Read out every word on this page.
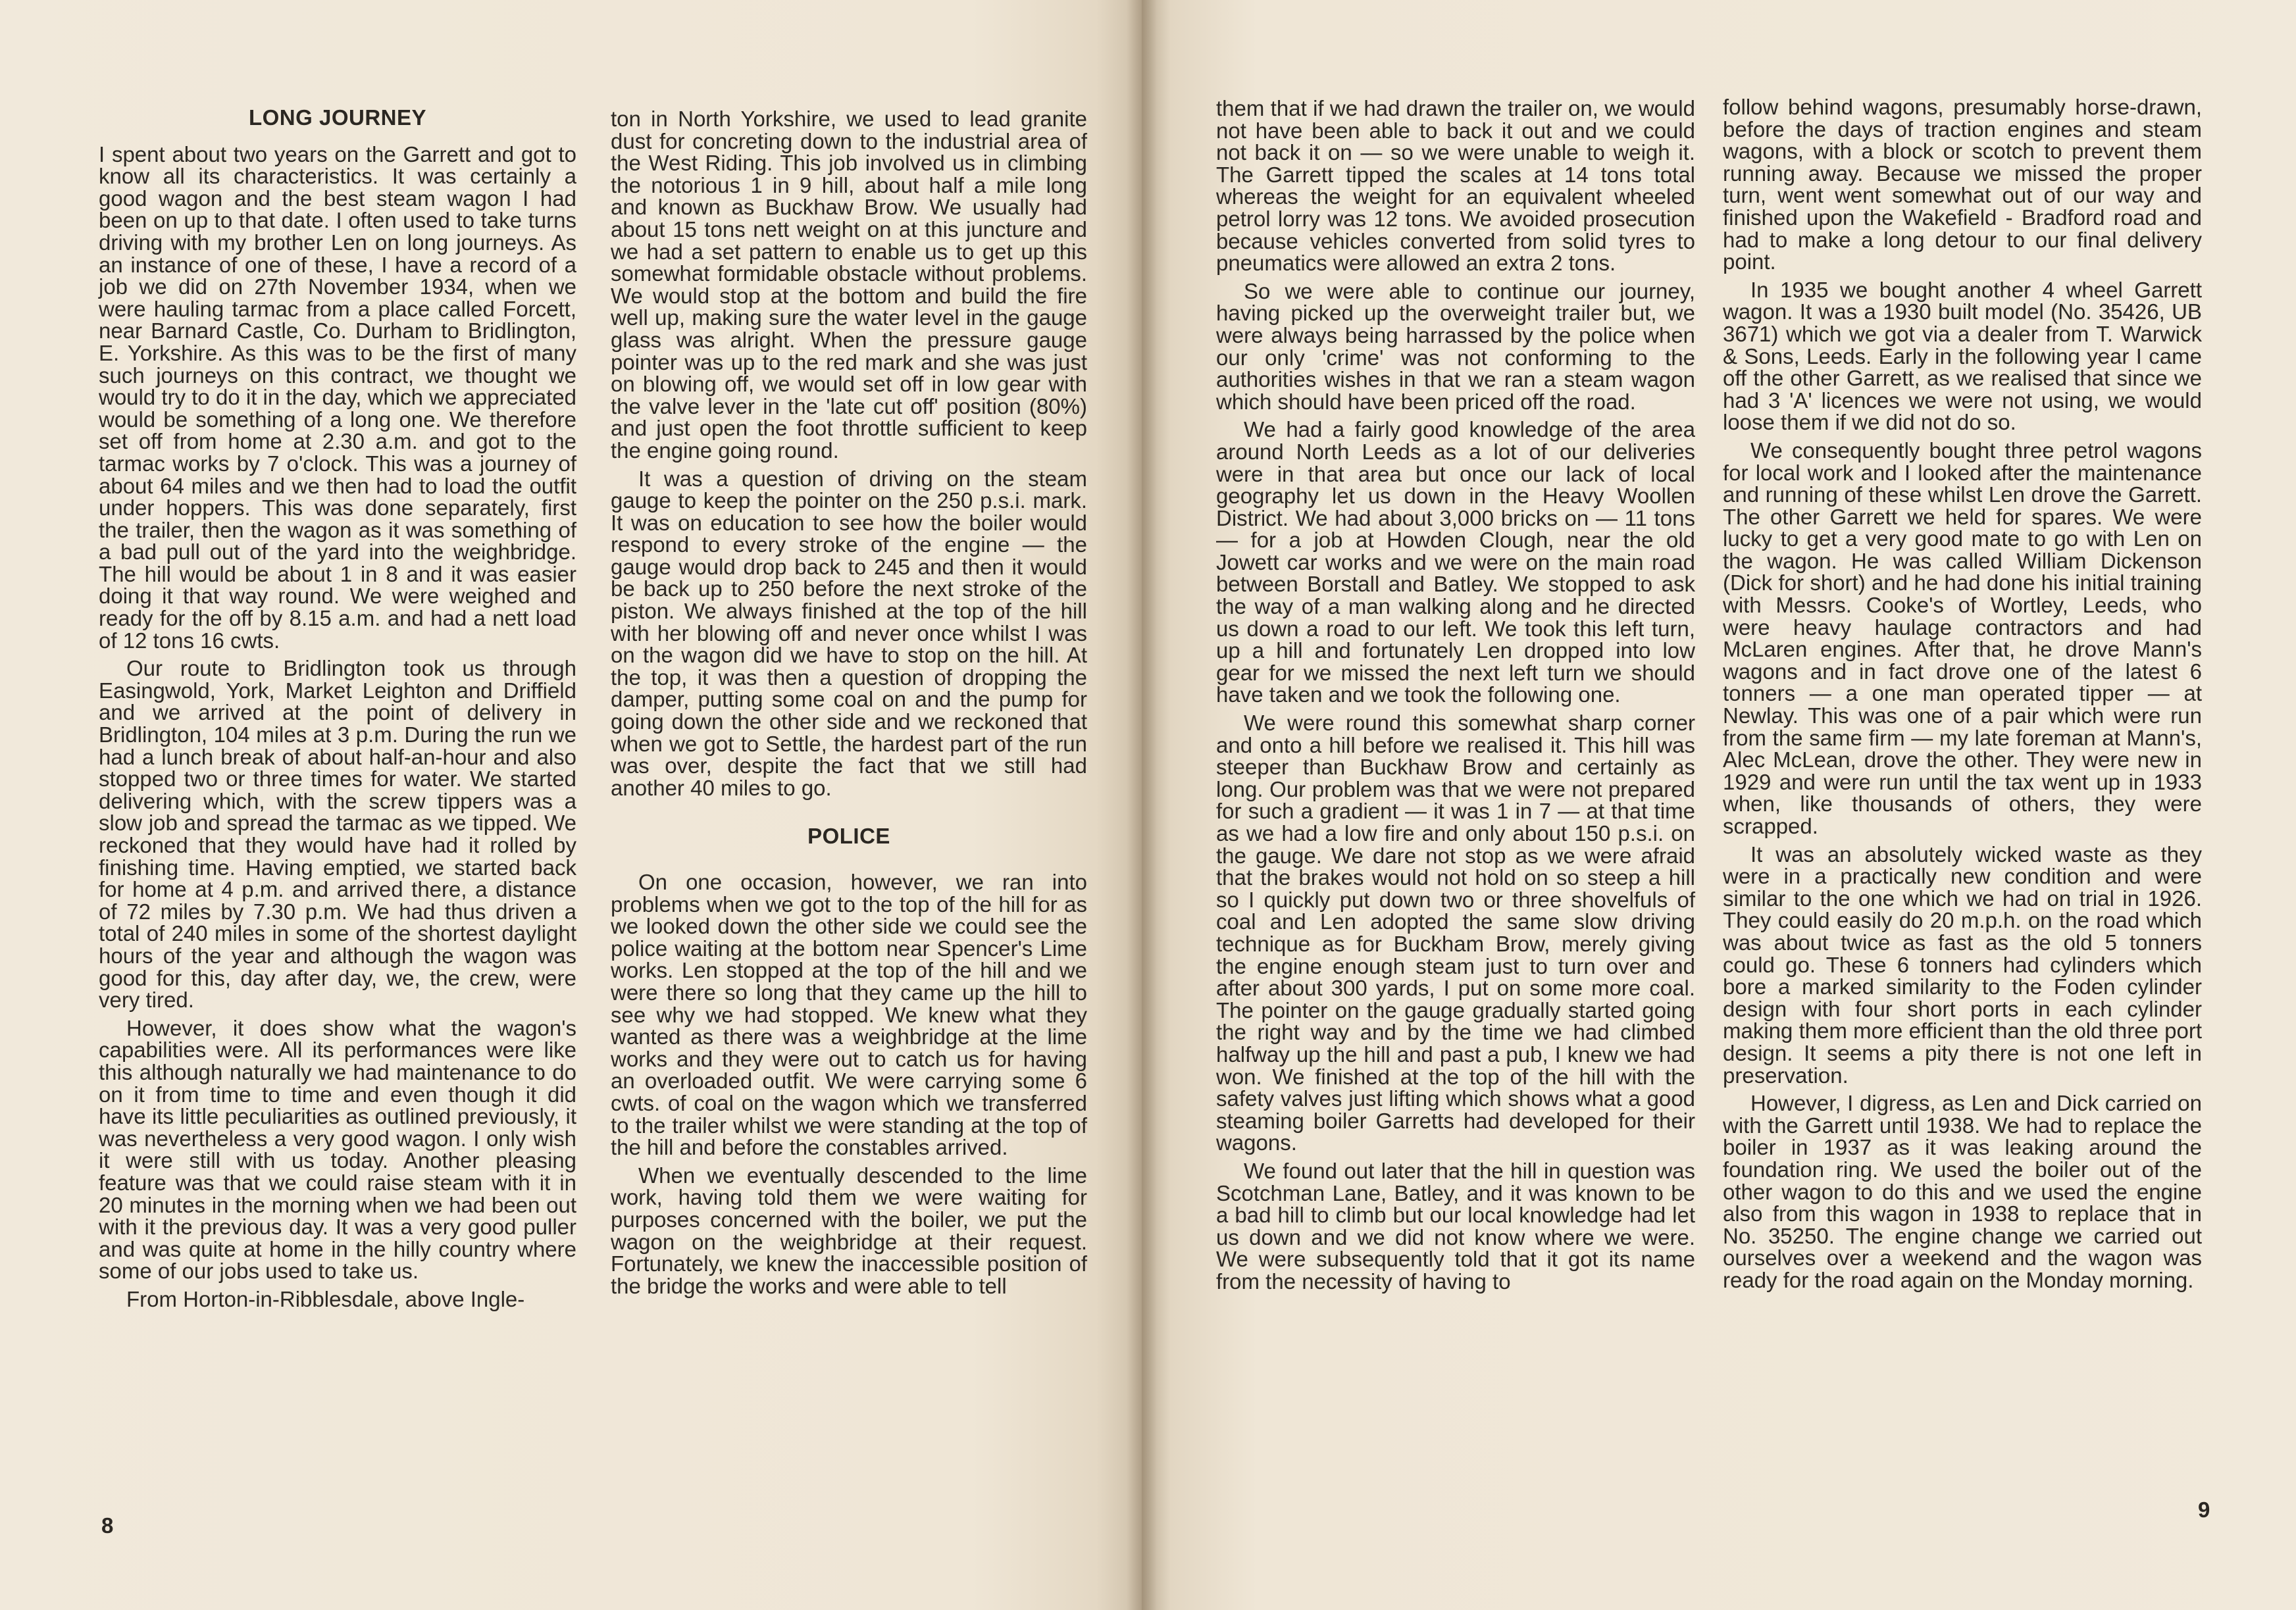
LONG JOURNEY

I spent about two years on the Garrett and got to know all its characteristics. It was certainly a good wagon and the best steam wagon I had been on up to that date. I often used to take turns driving with my brother Len on long journeys. As an instance of one of these, I have a record of a job we did on 27th November 1934, when we were hauling tarmac from a place called Forcett, near Barnard Castle, Co. Durham to Bridlington, E. Yorkshire. As this was to be the first of many such journeys on this contract, we thought we would try to do it in the day, which we appreciated would be something of a long one. We therefore set off from home at 2.30 a.m. and got to the tarmac works by 7 o'clock. This was a journey of about 64 miles and we then had to load the outfit under hoppers. This was done separately, first the trailer, then the wagon as it was something of a bad pull out of the yard into the weighbridge. The hill would be about 1 in 8 and it was easier doing it that way round. We were weighed and ready for the off by 8.15 a.m. and had a nett load of 12 tons 16 cwts.

Our route to Bridlington took us through Easingwold, York, Market Leighton and Driffield and we arrived at the point of delivery in Bridlington, 104 miles at 3 p.m. During the run we had a lunch break of about half-an-hour and also stopped two or three times for water. We started delivering which, with the screw tippers was a slow job and spread the tarmac as we tipped. We reckoned that they would have had it rolled by finishing time. Having emptied, we started back for home at 4 p.m. and arrived there, a distance of 72 miles by 7.30 p.m. We had thus driven a total of 240 miles in some of the shortest daylight hours of the year and although the wagon was good for this, day after day, we, the crew, were very tired.

However, it does show what the wagon's capabilities were. All its performances were like this although naturally we had maintenance to do on it from time to time and even though it did have its little peculiarities as outlined previously, it was nevertheless a very good wagon. I only wish it were still with us today. Another pleasing feature was that we could raise steam with it in 20 minutes in the morning when we had been out with it the previous day. It was a very good puller and was quite at home in the hilly country where some of our jobs used to take us.

From Horton-in-Ribblesdale, above Ingle-

ton in North Yorkshire, we used to lead granite dust for concreting down to the industrial area of the West Riding. This job involved us in climbing the notorious 1 in 9 hill, about half a mile long and known as Buckhaw Brow. We usually had about 15 tons nett weight on at this juncture and we had a set pattern to enable us to get up this somewhat formidable obstacle without problems. We would stop at the bottom and build the fire well up, making sure the water level in the gauge glass was alright. When the pressure gauge pointer was up to the red mark and she was just on blowing off, we would set off in low gear with the valve lever in the 'late cut off' position (80%) and just open the foot throttle sufficient to keep the engine going round.

It was a question of driving on the steam gauge to keep the pointer on the 250 p.s.i. mark. It was on education to see how the boiler would respond to every stroke of the engine — the gauge would drop back to 245 and then it would be back up to 250 before the next stroke of the piston. We always finished at the top of the hill with her blowing off and never once whilst I was on the wagon did we have to stop on the hill. At the top, it was then a question of dropping the damper, putting some coal on and the pump for going down the other side and we reckoned that when we got to Settle, the hardest part of the run was over, despite the fact that we still had another 40 miles to go.

POLICE

On one occasion, however, we ran into problems when we got to the top of the hill for as we looked down the other side we could see the police waiting at the bottom near Spencer's Lime works. Len stopped at the top of the hill and we were there so long that they came up the hill to see why we had stopped. We knew what they wanted as there was a weighbridge at the lime works and they were out to catch us for having an overloaded outfit. We were carrying some 6 cwts. of coal on the wagon which we transferred to the trailer whilst we were standing at the top of the hill and before the constables arrived.

When we eventually descended to the lime work, having told them we were waiting for purposes concerned with the boiler, we put the wagon on the weighbridge at their request. Fortunately, we knew the inaccessible position of the bridge the works and were able to tell

8

them that if we had drawn the trailer on, we would not have been able to back it out and we could not back it on — so we were unable to weigh it. The Garrett tipped the scales at 14 tons total whereas the weight for an equivalent wheeled petrol lorry was 12 tons. We avoided prosecution because vehicles converted from solid tyres to pneumatics were allowed an extra 2 tons.

So we were able to continue our journey, having picked up the overweight trailer but, we were always being harrassed by the police when our only 'crime' was not conforming to the authorities wishes in that we ran a steam wagon which should have been priced off the road.

We had a fairly good knowledge of the area around North Leeds as a lot of our deliveries were in that area but once our lack of local geography let us down in the Heavy Woollen District. We had about 3,000 bricks on — 11 tons — for a job at Howden Clough, near the old Jowett car works and we were on the main road between Borstall and Batley. We stopped to ask the way of a man walking along and he directed us down a road to our left. We took this left turn, up a hill and fortunately Len dropped into low gear for we missed the next left turn we should have taken and we took the following one.

We were round this somewhat sharp corner and onto a hill before we realised it. This hill was steeper than Buckhaw Brow and certainly as long. Our problem was that we were not prepared for such a gradient — it was 1 in 7 — at that time as we had a low fire and only about 150 p.s.i. on the gauge. We dare not stop as we were afraid that the brakes would not hold on so steep a hill so I quickly put down two or three shovelfuls of coal and Len adopted the same slow driving technique as for Buckham Brow, merely giving the engine enough steam just to turn over and after about 300 yards, I put on some more coal. The pointer on the gauge gradually started going the right way and by the time we had climbed halfway up the hill and past a pub, I knew we had won. We finished at the top of the hill with the safety valves just lifting which shows what a good steaming boiler Garretts had developed for their wagons.

We found out later that the hill in question was Scotchman Lane, Batley, and it was known to be a bad hill to climb but our local knowledge had let us down and we did not know where we were. We were subsequently told that it got its name from the necessity of having to

follow behind wagons, presumably horse-drawn, before the days of traction engines and steam wagons, with a block or scotch to prevent them running away. Because we missed the proper turn, went went somewhat out of our way and finished upon the Wakefield - Bradford road and had to make a long detour to our final delivery point.

In 1935 we bought another 4 wheel Garrett wagon. It was a 1930 built model (No. 35426, UB 3671) which we got via a dealer from T. Warwick & Sons, Leeds. Early in the following year I came off the other Garrett, as we realised that since we had 3 'A' licences we were not using, we would loose them if we did not do so.

We consequently bought three petrol wagons for local work and I looked after the maintenance and running of these whilst Len drove the Garrett. The other Garrett we held for spares. We were lucky to get a very good mate to go with Len on the wagon. He was called William Dickenson (Dick for short) and he had done his initial training with Messrs. Cooke's of Wortley, Leeds, who were heavy haulage contractors and had McLaren engines. After that, he drove Mann's wagons and in fact drove one of the latest 6 tonners — a one man operated tipper — at Newlay. This was one of a pair which were run from the same firm — my late foreman at Mann's, Alec McLean, drove the other. They were new in 1929 and were run until the tax went up in 1933 when, like thousands of others, they were scrapped.

It was an absolutely wicked waste as they were in a practically new condition and were similar to the one which we had on trial in 1926. They could easily do 20 m.p.h. on the road which was about twice as fast as the old 5 tonners could go. These 6 tonners had cylinders which bore a marked similarity to the Foden cylinder design with four short ports in each cylinder making them more efficient than the old three port design. It seems a pity there is not one left in preservation.

However, I digress, as Len and Dick carried on with the Garrett until 1938. We had to replace the boiler in 1937 as it was leaking around the foundation ring. We used the boiler out of the other wagon to do this and we used the engine also from this wagon in 1938 to replace that in No. 35250. The engine change we carried out ourselves over a weekend and the wagon was ready for the road again on the Monday morning.

9
